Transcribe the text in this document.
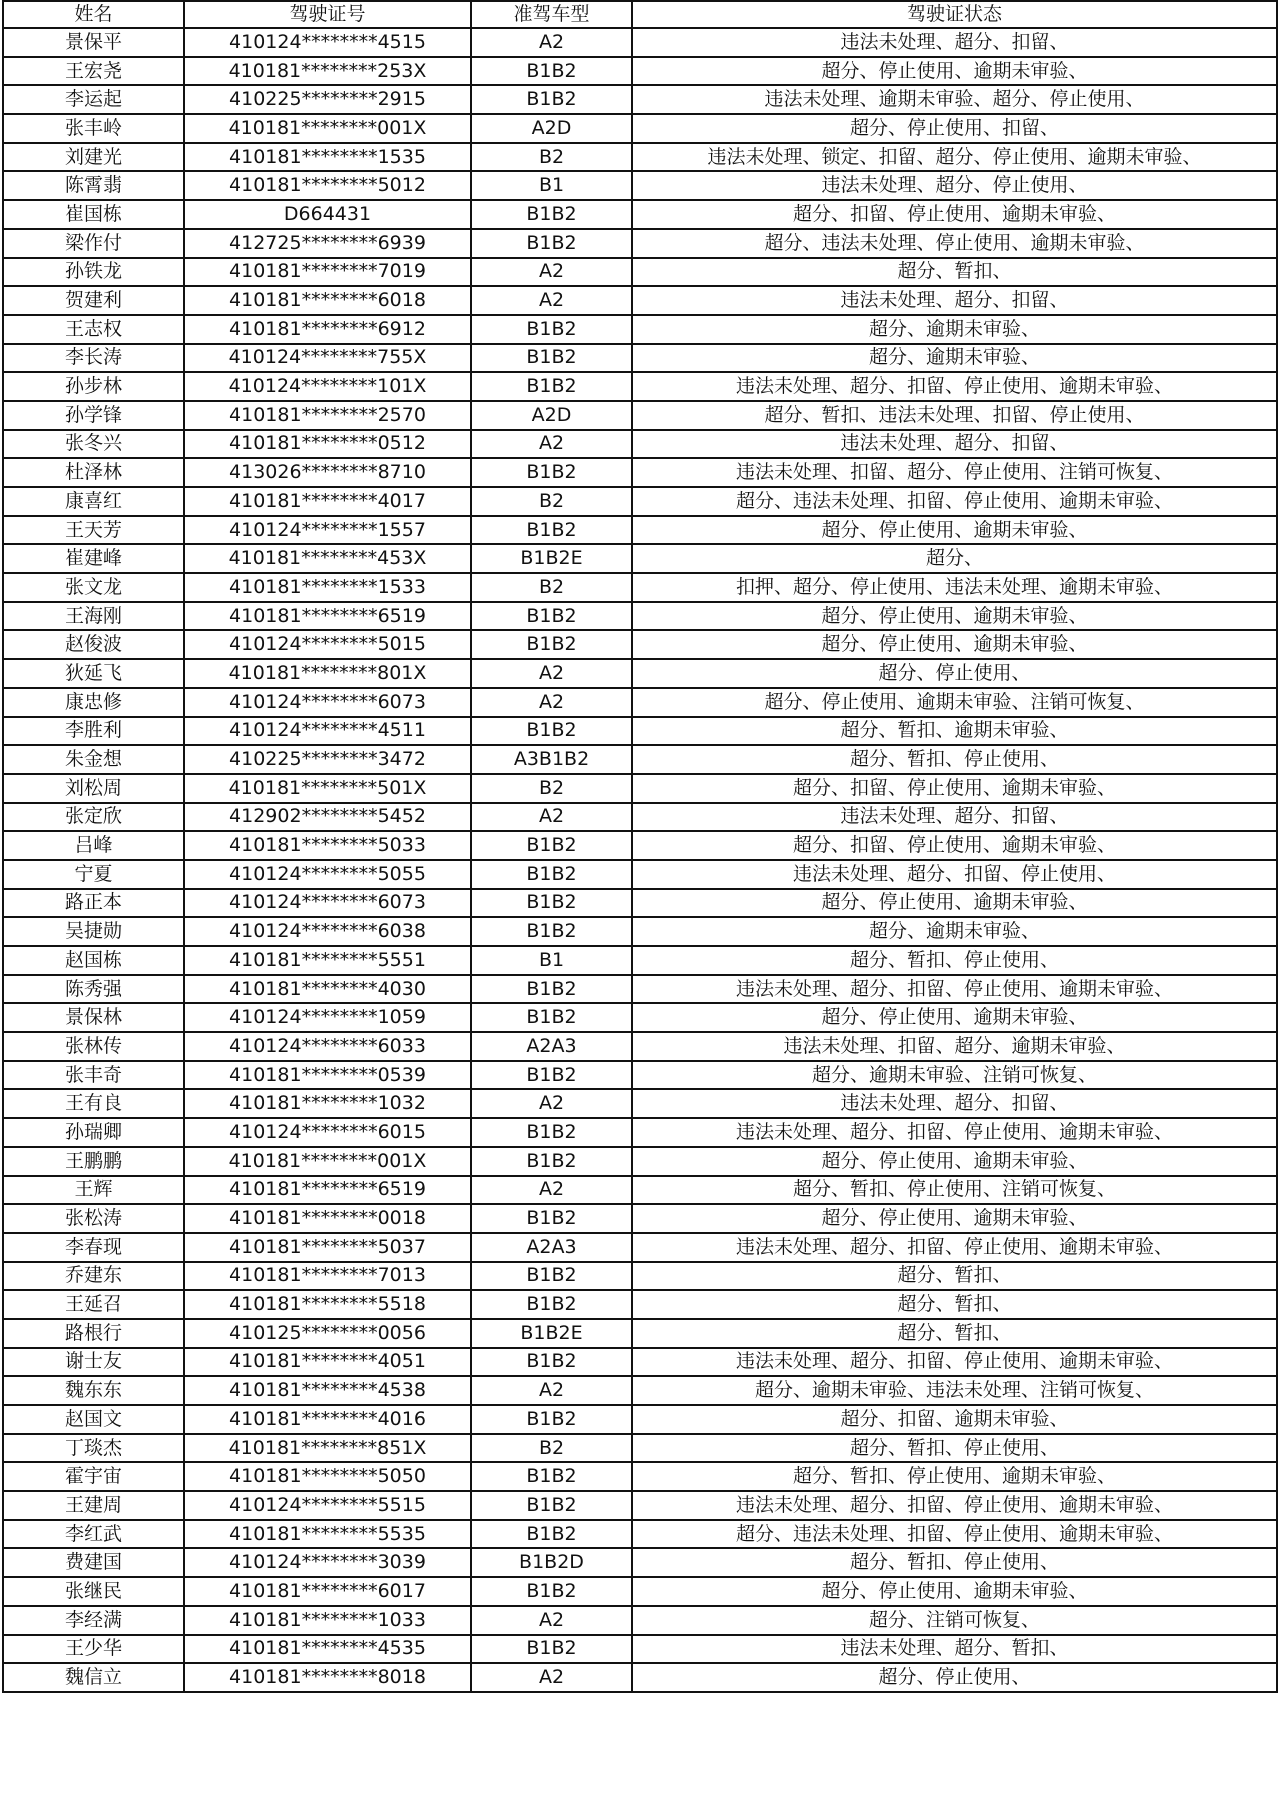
姓名	驾驶证号	准驾车型	驾驶证状态
景保平	410124********4515	A2	违法未处理、超分、扣留、
王宏尧	410181********253X	B1B2	超分、停止使用、逾期未审验、
李运起	410225********2915	B1B2	违法未处理、逾期未审验、超分、停止使用、
张丰岭	410181********001X	A2D	超分、停止使用、扣留、
刘建光	410181********1535	B2	违法未处理、锁定、扣留、超分、停止使用、逾期未审验、
陈霄翡	410181********5012	B1	违法未处理、超分、停止使用、
崔国栋	D664431	B1B2	超分、扣留、停止使用、逾期未审验、
梁作付	412725********6939	B1B2	超分、违法未处理、停止使用、逾期未审验、
孙铁龙	410181********7019	A2	超分、暂扣、
贺建利	410181********6018	A2	违法未处理、超分、扣留、
王志权	410181********6912	B1B2	超分、逾期未审验、
李长涛	410124********755X	B1B2	超分、逾期未审验、
孙步林	410124********101X	B1B2	违法未处理、超分、扣留、停止使用、逾期未审验、
孙学锋	410181********2570	A2D	超分、暂扣、违法未处理、扣留、停止使用、
张冬兴	410181********0512	A2	违法未处理、超分、扣留、
杜泽林	413026********8710	B1B2	违法未处理、扣留、超分、停止使用、注销可恢复、
康喜红	410181********4017	B2	超分、违法未处理、扣留、停止使用、逾期未审验、
王天芳	410124********1557	B1B2	超分、停止使用、逾期未审验、
崔建峰	410181********453X	B1B2E	超分、
张文龙	410181********1533	B2	扣押、超分、停止使用、违法未处理、逾期未审验、
王海刚	410181********6519	B1B2	超分、停止使用、逾期未审验、
赵俊波	410124********5015	B1B2	超分、停止使用、逾期未审验、
狄延飞	410181********801X	A2	超分、停止使用、
康忠修	410124********6073	A2	超分、停止使用、逾期未审验、注销可恢复、
李胜利	410124********4511	B1B2	超分、暂扣、逾期未审验、
朱金想	410225********3472	A3B1B2	超分、暂扣、停止使用、
刘松周	410181********501X	B2	超分、扣留、停止使用、逾期未审验、
张定欣	412902********5452	A2	违法未处理、超分、扣留、
吕峰	410181********5033	B1B2	超分、扣留、停止使用、逾期未审验、
宁夏	410124********5055	B1B2	违法未处理、超分、扣留、停止使用、
路正本	410124********6073	B1B2	超分、停止使用、逾期未审验、
吴捷勋	410124********6038	B1B2	超分、逾期未审验、
赵国栋	410181********5551	B1	超分、暂扣、停止使用、
陈秀强	410181********4030	B1B2	违法未处理、超分、扣留、停止使用、逾期未审验、
景保林	410124********1059	B1B2	超分、停止使用、逾期未审验、
张林传	410124********6033	A2A3	违法未处理、扣留、超分、逾期未审验、
张丰奇	410181********0539	B1B2	超分、逾期未审验、注销可恢复、
王有良	410181********1032	A2	违法未处理、超分、扣留、
孙瑞卿	410124********6015	B1B2	违法未处理、超分、扣留、停止使用、逾期未审验、
王鹏鹏	410181********001X	B1B2	超分、停止使用、逾期未审验、
王辉	410181********6519	A2	超分、暂扣、停止使用、注销可恢复、
张松涛	410181********0018	B1B2	超分、停止使用、逾期未审验、
李春现	410181********5037	A2A3	违法未处理、超分、扣留、停止使用、逾期未审验、
乔建东	410181********7013	B1B2	超分、暂扣、
王延召	410181********5518	B1B2	超分、暂扣、
路根行	410125********0056	B1B2E	超分、暂扣、
谢士友	410181********4051	B1B2	违法未处理、超分、扣留、停止使用、逾期未审验、
魏东东	410181********4538	A2	超分、逾期未审验、违法未处理、注销可恢复、
赵国文	410181********4016	B1B2	超分、扣留、逾期未审验、
丁琰杰	410181********851X	B2	超分、暂扣、停止使用、
霍宇宙	410181********5050	B1B2	超分、暂扣、停止使用、逾期未审验、
王建周	410124********5515	B1B2	违法未处理、超分、扣留、停止使用、逾期未审验、
李红武	410181********5535	B1B2	超分、违法未处理、扣留、停止使用、逾期未审验、
费建国	410124********3039	B1B2D	超分、暂扣、停止使用、
张继民	410181********6017	B1B2	超分、停止使用、逾期未审验、
李经满	410181********1033	A2	超分、注销可恢复、
王少华	410181********4535	B1B2	违法未处理、超分、暂扣、
魏信立	410181********8018	A2	超分、停止使用、
